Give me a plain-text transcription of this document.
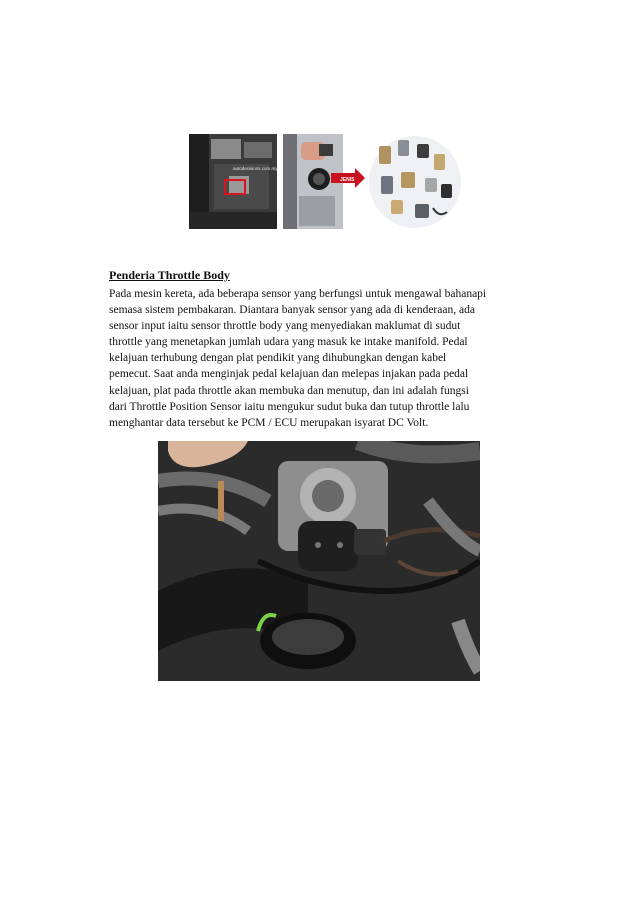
autodecisions.com.my
JENIS

Penderia Throttle Body

Pada mesin kereta, ada beberapa sensor yang berfungsi untuk mengawal bahanapi
semasa sistem pembakaran. Diantara banyak sensor yang ada di kenderaan, ada
sensor input iaitu sensor throttle body yang menyediakan maklumat di sudut
throttle yang menetapkan jumlah udara yang masuk ke intake manifold. Pedal
kelajuan terhubung dengan plat pendikit yang dihubungkan dengan kabel
pemecut. Saat anda menginjak pedal kelajuan dan melepas injakan pada pedal
kelajuan, plat pada throttle akan membuka dan menutup, dan ini adalah fungsi
dari Throttle Position Sensor iaitu mengukur sudut buka dan tutup throttle lalu
menghantar data tersebut ke PCM / ECU merupakan isyarat DC Volt.
